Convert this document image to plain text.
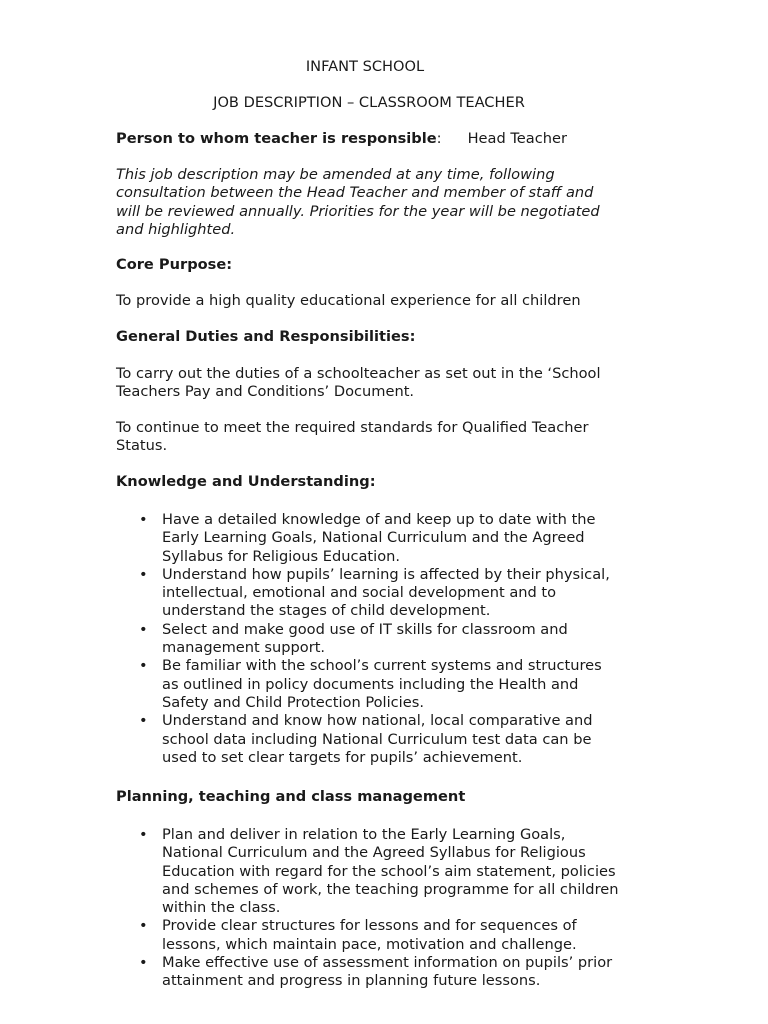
INFANT SCHOOL
JOB DESCRIPTION – CLASSROOM TEACHER
Person to whom teacher is responsible: Head Teacher
This job description may be amended at any time, following
consultation between the Head Teacher and member of staff and
will be reviewed annually. Priorities for the year will be negotiated
and highlighted.
Core Purpose:
To provide a high quality educational experience for all children
General Duties and Responsibilities:
To carry out the duties of a schoolteacher as set out in the ‘School
Teachers Pay and Conditions’ Document.
To continue to meet the required standards for Qualified Teacher
Status.
Knowledge and Understanding:
• Have a detailed knowledge of and keep up to date with the
Early Learning Goals, National Curriculum and the Agreed
Syllabus for Religious Education.
• Understand how pupils’ learning is affected by their physical,
intellectual, emotional and social development and to
understand the stages of child development.
• Select and make good use of IT skills for classroom and
management support.
• Be familiar with the school’s current systems and structures
as outlined in policy documents including the Health and
Safety and Child Protection Policies.
• Understand and know how national, local comparative and
school data including National Curriculum test data can be
used to set clear targets for pupils’ achievement.
Planning, teaching and class management
• Plan and deliver in relation to the Early Learning Goals,
National Curriculum and the Agreed Syllabus for Religious
Education with regard for the school’s aim statement, policies
and schemes of work, the teaching programme for all children
within the class.
• Provide clear structures for lessons and for sequences of
lessons, which maintain pace, motivation and challenge.
• Make effective use of assessment information on pupils’ prior
attainment and progress in planning future lessons.
